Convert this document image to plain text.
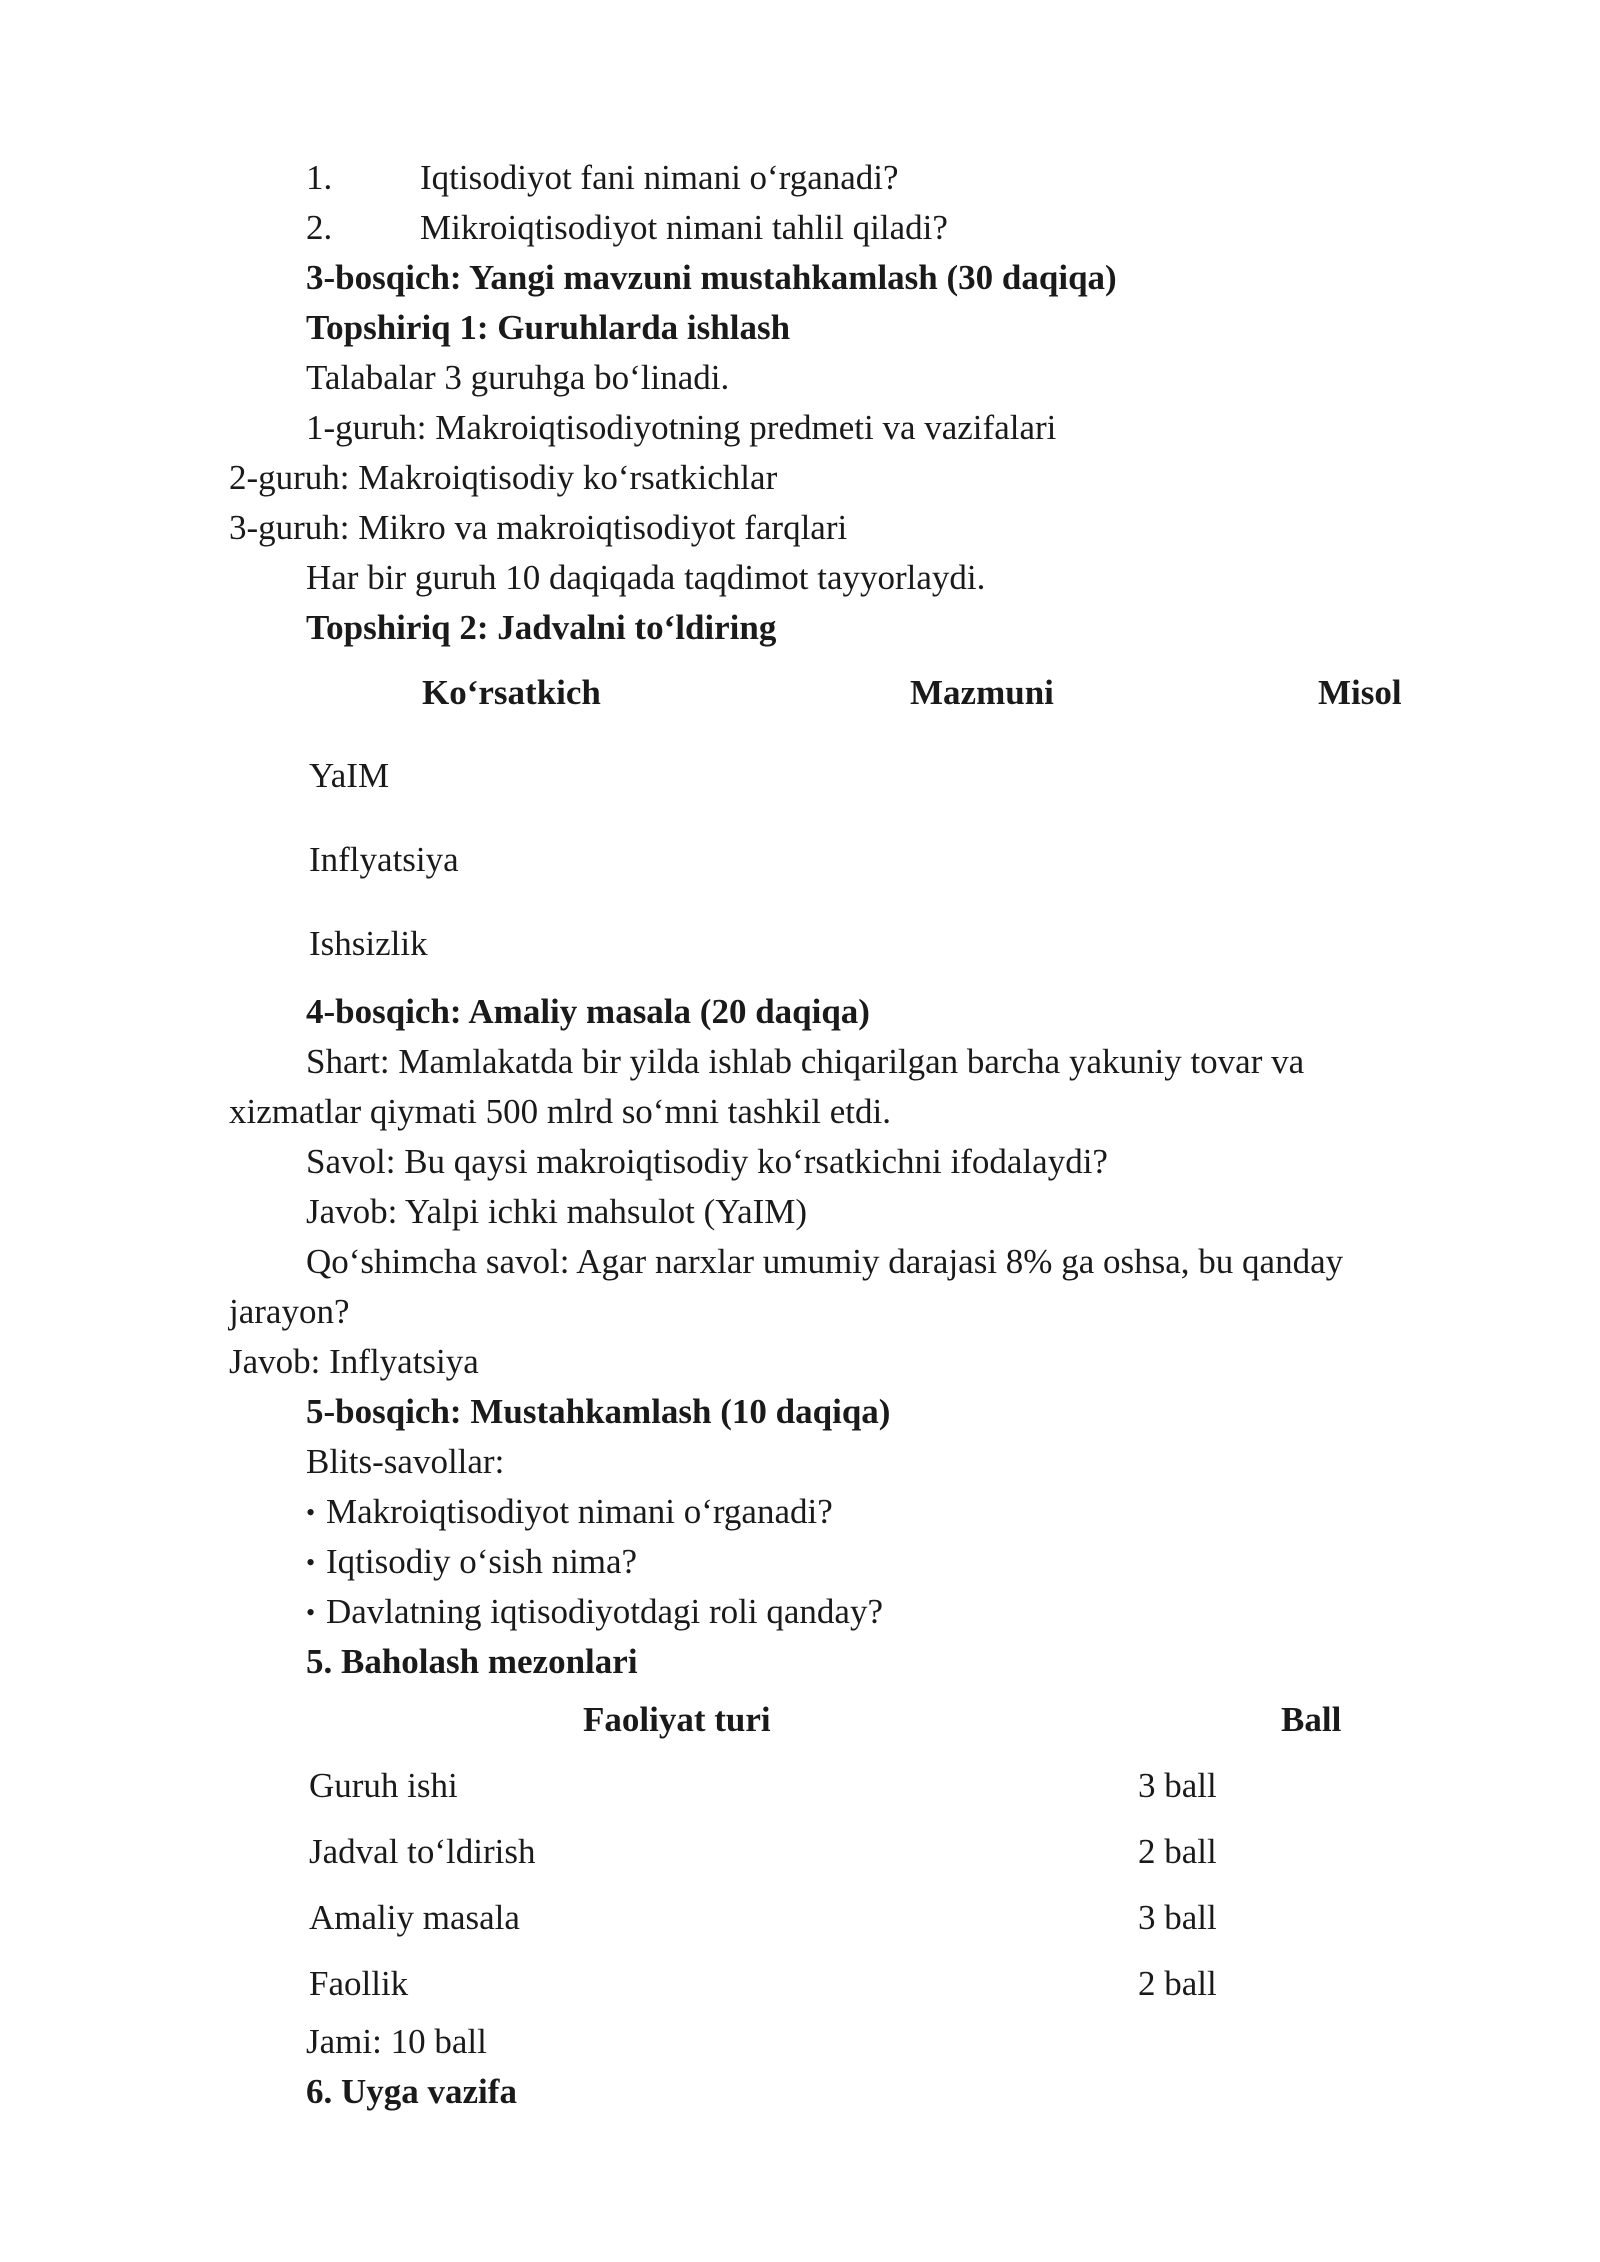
1.	Iqtisodiyot fani nimani o‘rganadi?
2.	Mikroiqtisodiyot nimani tahlil qiladi?
3-bosqich: Yangi mavzuni mustahkamlash (30 daqiqa)
Topshiriq 1: Guruhlarda ishlash
Talabalar 3 guruhga bo‘linadi.
1-guruh: Makroiqtisodiyotning predmeti va vazifalari
2-guruh: Makroiqtisodiy ko‘rsatkichlar
3-guruh: Mikro va makroiqtisodiyot farqlari
Har bir guruh 10 daqiqada taqdimot tayyorlaydi.
Topshiriq 2: Jadvalni to‘ldiring
Ko‘rsatkich	Mazmuni	Misol
YaIM
Inflyatsiya
Ishsizlik
4-bosqich: Amaliy masala (20 daqiqa)
Shart: Mamlakatda bir yilda ishlab chiqarilgan barcha yakuniy tovar va
xizmatlar qiymati 500 mlrd so‘mni tashkil etdi.
Savol: Bu qaysi makroiqtisodiy ko‘rsatkichni ifodalaydi?
Javob: Yalpi ichki mahsulot (YaIM)
Qo‘shimcha savol: Agar narxlar umumiy darajasi 8% ga oshsa, bu qanday
jarayon?
Javob: Inflyatsiya
5-bosqich: Mustahkamlash (10 daqiqa)
Blits-savollar:
• Makroiqtisodiyot nimani o‘rganadi?
• Iqtisodiy o‘sish nima?
• Davlatning iqtisodiyotdagi roli qanday?
5. Baholash mezonlari
Faoliyat turi	Ball
Guruh ishi	3 ball
Jadval to‘ldirish	2 ball
Amaliy masala	3 ball
Faollik	2 ball
Jami: 10 ball
6. Uyga vazifa
